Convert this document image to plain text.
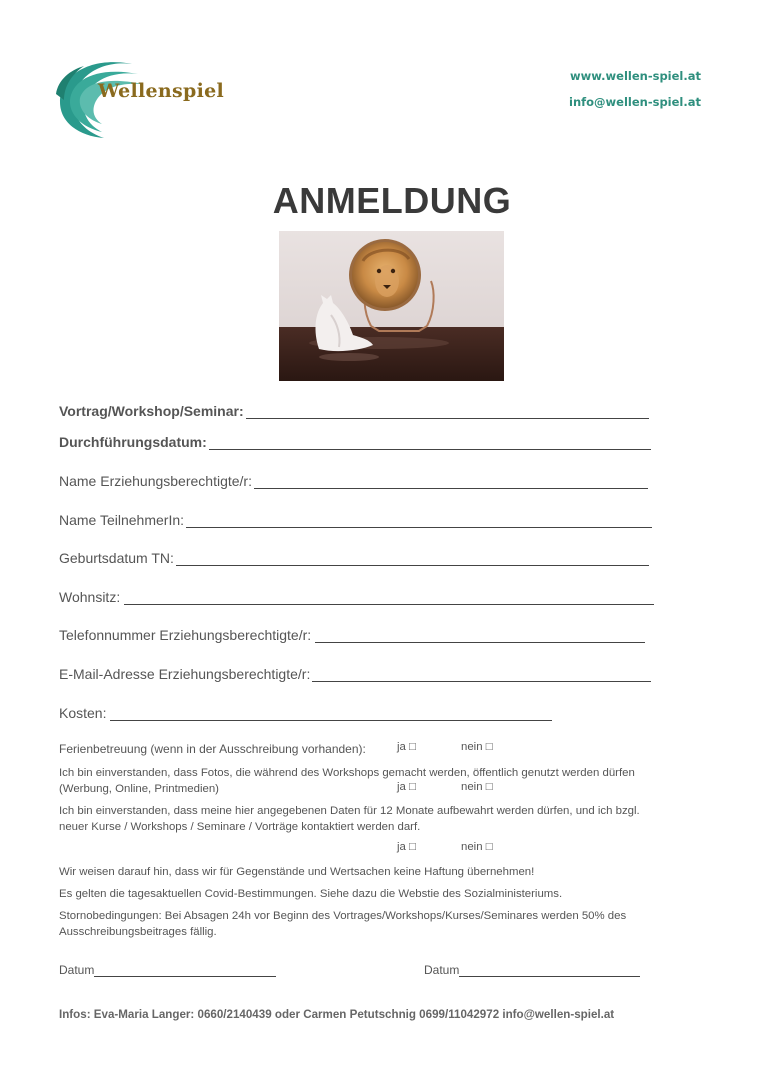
Wellenspiel
www.wellen-spiel.at
info@wellen-spiel.at
ANMELDUNG
Vortrag/Workshop/Seminar:
Durchführungsdatum:
Name Erziehungsberechtigte/r:
Name TeilnehmerIn:
Geburtsdatum TN:
Wohnsitz:
Telefonnummer Erziehungsberechtigte/r:
E-Mail-Adresse Erziehungsberechtigte/r:
Kosten:
Ferienbetreuung (wenn in der Ausschreibung vorhanden):	ja □	nein □
Ich bin einverstanden, dass Fotos, die während des Workshops gemacht werden, öffentlich genutzt werden dürfen (Werbung, Online, Printmedien)	ja □	nein □
Ich bin einverstanden, dass meine hier angegebenen Daten für 12 Monate aufbewahrt werden dürfen, und ich bzgl. neuer Kurse / Workshops / Seminare / Vorträge kontaktiert werden darf.
ja □	nein □
Wir weisen darauf hin, dass wir für Gegenstände und Wertsachen keine Haftung übernehmen!
Es gelten die tagesaktuellen Covid-Bestimmungen. Siehe dazu die Webstie des Sozialministeriums.
Stornobedingungen: Bei Absagen 24h vor Beginn des Vortrages/Workshops/Kurses/Seminares werden 50% des Ausschreibungsbeitrages fällig.
Datum	Datum
Infos: Eva-Maria Langer: 0660/2140439 oder Carmen Petutschnig 0699/11042972 info@wellen-spiel.at
